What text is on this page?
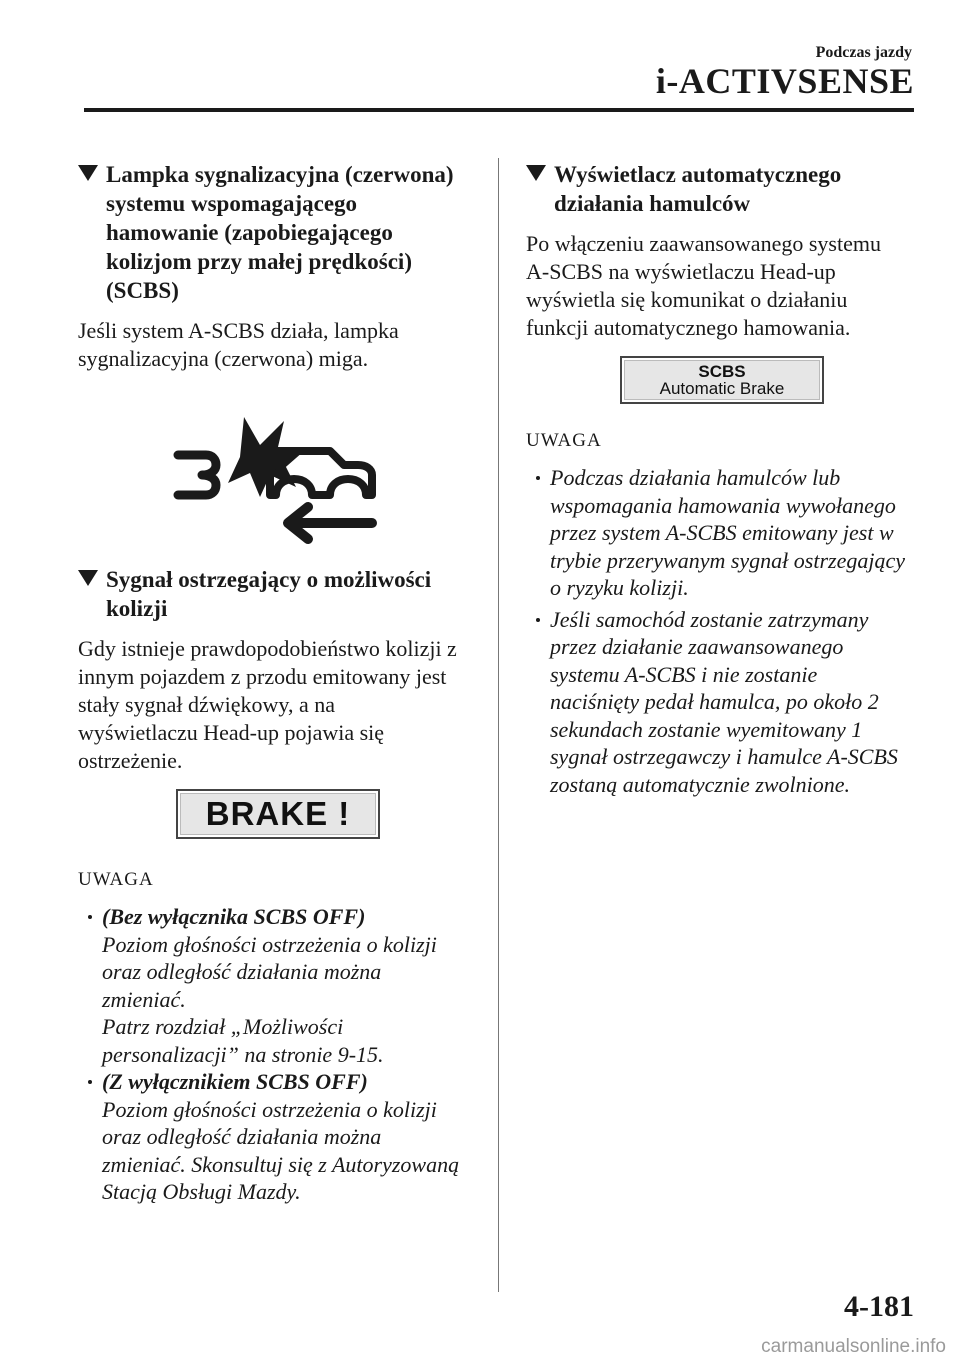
Podczas jazdy
i-ACTIVSENSE
Lampka sygnalizacyjna (czerwona)
systemu wspomagającego
hamowanie (zapobiegającego
kolizjom przy małej prędkości)
(SCBS)
Jeśli system A-SCBS działa, lampka
sygnalizacyjna (czerwona) miga.
Sygnał ostrzegający o możliwości
kolizji
Gdy istnieje prawdopodobieństwo kolizji z
innym pojazdem z przodu emitowany jest
stały sygnał dźwiękowy, a na
wyświetlaczu Head-up pojawia się
ostrzeżenie.
BRAKE !
UWAGA
(Bez wyłącznika SCBS OFF)
Poziom głośności ostrzeżenia o kolizji
oraz odległość działania można
zmieniać.
Patrz rozdział „Możliwości
personalizacji” na stronie 9-15.
(Z wyłącznikiem SCBS OFF)
Poziom głośności ostrzeżenia o kolizji
oraz odległość działania można
zmieniać. Skonsultuj się z Autoryzowaną
Stacją Obsługi Mazdy.
Wyświetlacz automatycznego
działania hamulców
Po włączeniu zaawansowanego systemu
A-SCBS na wyświetlaczu Head-up
wyświetla się komunikat o działaniu
funkcji automatycznego hamowania.
SCBS
Automatic Brake
UWAGA
Podczas działania hamulców lub
wspomagania hamowania wywołanego
przez system A-SCBS emitowany jest w
trybie przerywanym sygnał ostrzegający
o ryzyku kolizji.
Jeśli samochód zostanie zatrzymany
przez działanie zaawansowanego
systemu A-SCBS i nie zostanie
naciśnięty pedał hamulca, po około 2
sekundach zostanie wyemitowany 1
sygnał ostrzegawczy i hamulce A-SCBS
zostaną automatycznie zwolnione.
4-181
carmanualsonline.info
